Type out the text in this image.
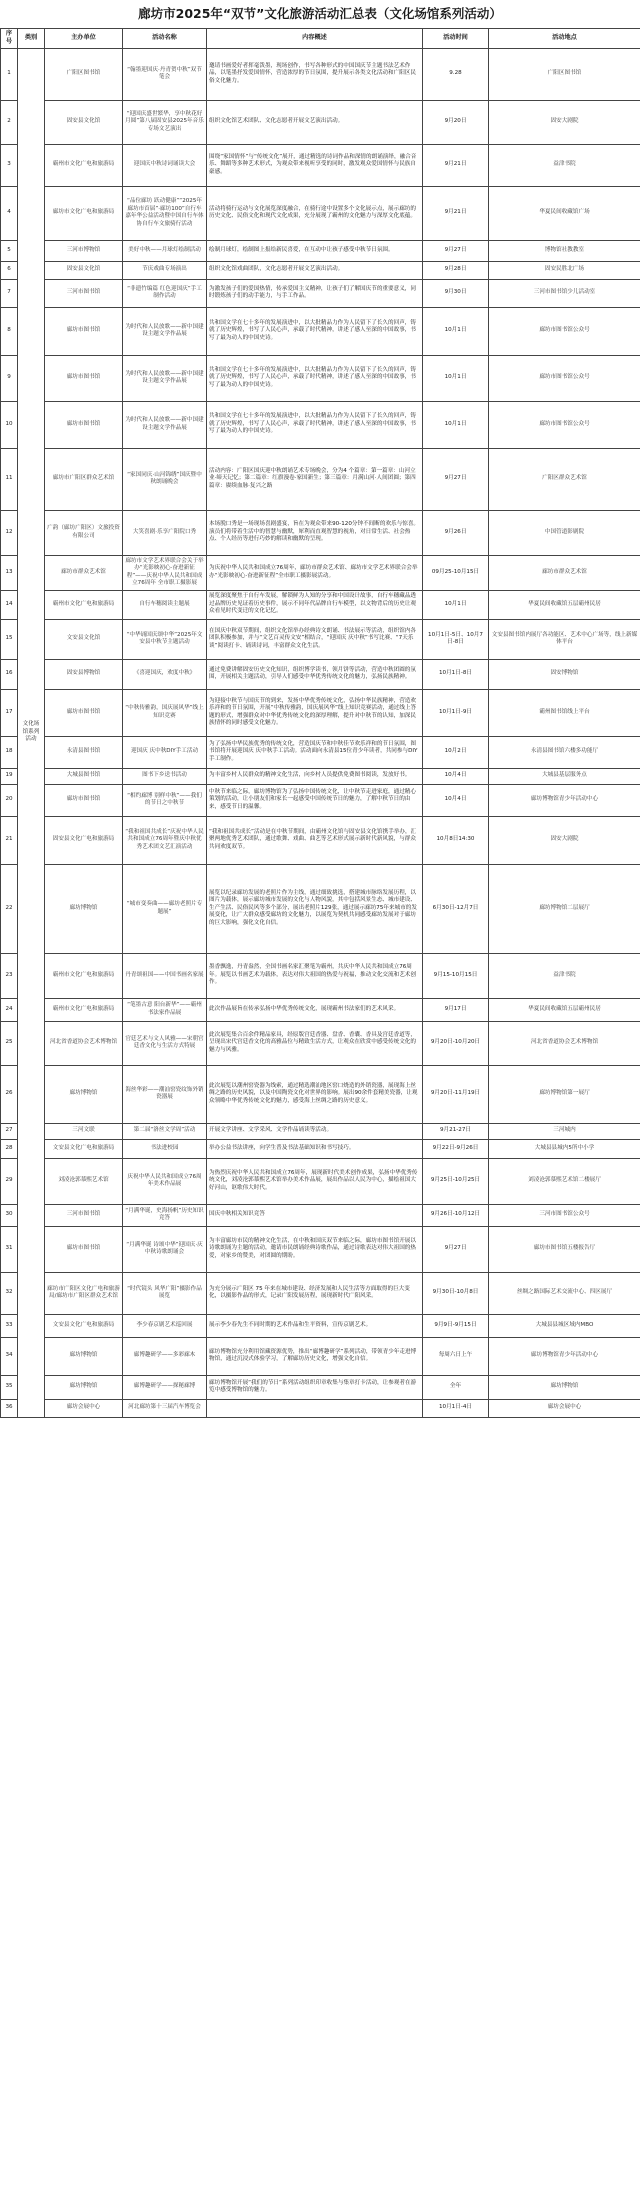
廊坊市2025年“双节”文化旅游活动汇总表（文化场馆系列活动）
序号	类别	主办单位	活动名称	内容概述	活动时间	活动地点
1	文化场馆系列活动	广阳区图书馆	“翰墨迎国庆·丹青贺中秋”双节笔会	邀请书画爱好者挥毫泼墨，现场创作，书写各种形式的中国国庆节主题书法艺术作品，以笔墨抒发爱国情怀，营造浓厚的节日氛围，提升展示各类文化活动和广阳区民俗文化魅力。	9.28	广阳区图书馆
2		固安县文化馆	“迎国庆盛世繁华，享中秋花好月圆”第八届固安县2025年音乐专场文艺演出	组织文化馆艺术团队、文化志愿者开展文艺演出活动。	9月20日	固安大剧院
3		霸州市文化广电和旅游局	迎国庆中秋诗词诵读大会	围绕“家国情怀”与“传统文化”展开，通过精选的诗词作品和深情的朗诵演绎，融合音乐、舞蹈等多种艺术形式，为观众带来视听享受的同时，激发观众爱国情怀与民族自豪感。	9月21日	益津书院
4		廊坊市文化广电和旅游局	“品位廊坊 跃动健康”“2025年廊坊市首届”·廊坊100”自行车嘉年华公益活动暨中国自行车体协自行车文旅骑行活动	活动将骑行运动与文化展览深度融合，在骑行途中设置多个文化展示点，展示廊坊的历史文化、民俗文化和现代文化成果，充分展现了霸州的文化魅力与深厚文化底蕴。	9月21日	华夏民间收藏馆广场
5		三河市博物馆	美好中秋——月球灯绘制活动	绘制月球灯，绘制图上报给新民喜爱，在互动中让孩子感受中秋节日氛围。	9月27日	博物馆社教教室
6		固安县文化馆	节庆戏曲专场演出	组织文化馆戏曲团队，文化志愿者开展文艺演出活动。	9月28日	固安民胜北广场
7		三河市图书馆	“非遗竹编篇 红色迎国庆”手工制作活动	为激发孩子们的爱国热情，传承爱国主义精神，让孩子们了解国庆节的重要意义，同时锻炼孩子们的动手能力，与手工作品。	9月30日	三河市图书馆少儿活动室
8		廊坊市图书馆	为时代和人民放歌——新中国建设主题文学作品展	共和国文学在七十多年的发展演进中，以大批精品力作为人民留下了长久的回声，铸就了历史辉煌，书写了人民心声，承载了时代精神，讲述了感人至深的中国故事，书写了最为动人的中国史诗。	10月1日	廊坊市图书馆公众号
9		廊坊市图书馆	为时代和人民放歌——新中国建设主题文学作品展	共和国文学在七十多年的发展演进中，以大批精品力作为人民留下了长久的回声，铸就了历史辉煌，书写了人民心声，承载了时代精神，讲述了感人至深的中国故事，书写了最为动人的中国史诗。	10月1日	廊坊市图书馆公众号
10		廊坊市图书馆	为时代和人民放歌——新中国建设主题文学作品展	共和国文学在七十多年的发展演进中，以大批精品力作为人民留下了长久的回声，铸就了历史辉煌，书写了人民心声，承载了时代精神，讲述了感人至深的中国故事，书写了最为动人的中国史诗。	10月1日	廊坊市图书馆公众号
11		廊坊市广阳区群众艺术馆	“家国同庆·山河锦绣”国庆暨中秋朗诵晚会	活动内容：广阳区国庆迎中秋朗诵艺术专场晚会，分为4 个篇章：第一篇章：山河立业·缔天记忆；第二篇章：红旗漫卷·家国新生；第三篇章：月满山河·人间团圆；第四篇章：赓续血脉·复兴之路	9月27日	广阳区群众艺术馆
12		广韵（廊坊广阳区）文旅投资有限公司	大笑喜剧·乐享广阳院口秀	本场脱口秀是一场现场喜剧盛宴，旨在为观众带来90-120分钟不间断的欢乐与惊喜。演员们将带着生活中的智慧与幽默，犀利而直观智慧的视角，对日常生活、社会热点、个人经历等进行巧妙的解读和幽默的呈现。	9月26日	中国管道影剧院
13		廊坊市群众艺术馆	廊坊市文学艺术界联合会关于举办“光影映初心·奋进新征程”——庆祝中华人民共和国成立76周年 全市职工摄影展	为庆祝中华人民共和国成立76周年，廊坊市群众艺术馆、廊坊市文学艺术界联合会举办“光影映初心·奋进新征程”全市职工摄影展活动。	09月25-10月15日	廊坊市群众艺术馆
14		霸州市文化广电和旅游局	自行车穗阅读主题展	展览深度聚焦于自行车发展，解锁鲜为人知的分享和中国设计故事，自行车穗藏品透过品牌历史见证着历史事件，展示不同年代品牌自行车模型，以文物背后的历史让观众看见时代变迁的文化记忆。	10月1日	华夏民间收藏馆五层霸州民居
15		文安县文化馆	“中华诵国庆颂中华”2025年文安县中秋节主题活动	在国庆中秋双节期间，组织文化馆举办经典诗文朗诵、书法展示等活动，组织馆内各团队积极参加，并与“文艺百灵传文安”相结合，“迎国庆 庆中秋”书写比赛、“7天乐谈”阅读打卡、诵读诗词，丰富群众文化生活。	10月1日-5日、10月7日-8日	文安县图书馆内展厅各功能区、艺术中心广场等，线上新媒体平台
16		固安县博物馆	《喜迎国庆，欢度中秋》	通过免费讲解固安历史文化知识，组织博学读书，领月饼等活动，营造中秋团圆的氛围，开展相关主题活动，引导人们感受中华优秀传统文化的魅力，弘扬民族精神。	10月1日-8日	固安博物馆
17		廊坊市图书馆	“中秋传雅韵，国庆展风华”线上知识竞赛	为迎接中秋节与国庆节的到来，发扬中华优秀传统文化，弘扬中华民族精神，营造欢乐祥和的节日氛围，开展“中秋传雅韵，国庆展风华”线上知识竞赛活动，通过线上答题的形式，增强群众对中华优秀传统文化的深厚理解，提升对中秋节的认知，加深民族情怀的同时感受文化魅力。	10月1日-9日	霸州图书馆线上平台
18		永清县图书馆	迎国庆 庆中秋DIY手工活动	为了弘扬中华民族优秀的传统文化，营造国庆节和中秋佳节欢乐祥和的节日氛围，图书馆将开展迎国庆 庆中秋手工活动。活动面向永清县15位青少年读者，共同参与DIY手工制作。	10月2日	永清县图书馆六楼多功能厅
19		大城县图书馆	图书下乡送书活动	为丰富乡村人民群众的精神文化生活，向乡村人员提供免费图书阅读，发放好书。	10月4日	大城县基层服务点
20		廊坊市图书馆	“相约廊博 别样中秋”——我们的节日之中秋节	中秋节来临之际，廊坊博物馆为了弘扬中国传统文化，让中秋节走进家庭，通过精心策划的活动，让小朋友们和家长一起感受中国传统节日的魅力，了解中秋节日的由来，感受节日的温馨。	10月4日	廊坊博物馆青少年活动中心
21		固安县文化广电和旅游局	“我和祖国共成长”庆祝中华人民共和国成立76周年暨庆中秋优秀艺术团文艺汇演活动	“我和祖国共成长”活动是在中秋节期间，由霸州文化馆与固安县文化馆携手举办，汇聚两地优秀艺术团队，通过歌舞、戏曲、曲艺等艺术形式展示新时代新风貌，与群众共同欢度双节。	10月8日14:30	固安大剧院
22		廊坊博物馆	“城市变奏曲——廊坊老照片专题展”	展览以纪录廊坊发展的老照片作为主线，通过细致挑选，搭建城市脉络发展历程，以图片为载体，展示廊坊城市发展的文化与人物风貌，其中包括风景生态、城市建设、生产生活、民俗民风等多个部分，展出老照片129张，通过展示廊坊75年来城市的发展变化，让广大群众感受廊坊的文化魅力，以展览为契机共同感受廊坊发展对于廊坊的巨大影响，强化文化自信。	6月30日-12月7日	廊坊博物馆二层展厅
23		霸州市文化广电和旅游局	丹青颂祖国——中国书画名家展	墨香飘逸，丹青盎然，全国书画名家汇聚笔为霸州，共庆中华人民共和国成立76周年。展览以书画艺术为载体，表达对伟大祖国的热爱与祝福，推动文化交流和艺术创作。	9月15-10月15日	益津书院
24		霸州市文化广电和旅游局	“笔墨古意 阳台新华”——霸州书法家作品展	此次作品展旨在传承弘扬中华优秀传统文化，展现霸州书法家们的艺术风采。	9月17日	华夏民间收藏馆五层霸州民居
25		河北省香道协会艺术博物馆	官廷艺术与文人风雅——宋朝官廷香文化与生活方式特展	此次展览集合百余件精品家具，经原版宫廷香器、盘香、香囊、香具及宫廷香道等，呈现出宋代宫廷香文化的高雅品位与精致生活方式，让观众在欣赏中感受传统文化的魅力与风雅。	9月20日-10月20日	河北省香道协会艺术博物馆
26		廊坊博物馆	海丝华彩——潮汕窑瓷纹饰外销瓷器展	此次展览以潮州窑瓷器为线索，通过精选潮汕地区窑口烧造的外销瓷器，展现海上丝绸之路的历史风貌，以及中国陶瓷文化对世界的影响。展出90余件套精美瓷器，让观众领略中华优秀传统文化的魅力，感受海上丝绸之路的历史意义。	9月20日-11月19日	廊坊博物馆第一展厅
27		三河文联	第二届“洛丝文学周”活动	开展文学讲座、文学采风、文学作品诵读等活动。	9月21-27日	三河城内
28		文安县文化广电和旅游局	书法进校园	举办公益书法讲座，向学生普及书法基础知识和书写技巧。	9月22日-9月26日	大城县县城内5所中小学
29		刘凌沧郭慕熙艺术馆	庆祝中华人民共和国成立76周年美术作品展	为热烈庆祝中华人民共和国成立76周年，展现新时代美术创作成果，弘扬中华优秀传统文化，刘凌沧郭慕熙艺术馆举办美术作品展，展出作品以人民为中心，描绘祖国大好河山，讴歌伟大时代。	9月25日-10月25日	刘凌沧郭慕熙艺术馆二楼展厅
30		三河市图书馆	“月满华诞，史海扬帆”历史知识竞答	国庆中秋相关知识竞答	9月26日-10月12日	三河市图书馆公众号
31		廊坊市图书馆	“月满华诞 诗颂中华”迎国庆·庆中秋诗歌朗诵会	为丰富廊坊市民的精神文化生活，在中秋和国庆双节来临之际，廊坊市图书馆开展以诗歌朗诵为主题的活动，邀请市民朗诵经典诗歌作品，通过诗歌表达对伟大祖国的热爱，对家乡的赞美，对团圆的期盼。	9月27日	廊坊市图书馆五楼报告厅
32		廊坊市广阳区文化广电和旅游局/廊坊市广阳区群众艺术馆	“时代镜头 风华广阳”摄影作品展览	为充分展示广阳区 75 年来在城市建设、经济发展和人民生活等方面取得的巨大变化，以摄影作品的形式，记录广阳发展历程，展现新时代广阳风采。	9月30日-10月8日	丝绸之路国际艺术交流中心、四区展厅
33		文安县文化广电和旅游局	李少春京剧艺术巡回展	展示李少春先生不同时期的艺术作品和生平资料，宣传京剧艺术。	9月9日-9月15日	大城县县城区域内MBO
34		廊坊博物馆	廊博趣研学——多彩廊木	廊坊博物馆充分利用馆藏资源优势，推出“廊博趣研学”系列活动，带领青少年走进博物馆，通过沉浸式体验学习，了解廊坊历史文化，增强文化自信。	每周六日上午	廊坊博物馆青少年活动中心
35		廊坊博物馆	廊博趣研学——探秘廊博	廊坊博物馆开展“我们的节日”系列活动组织印章收集与集章打卡活动，让参观者在游览中感受博物馆的魅力。	全年	廊坊博物馆
36		廊坊会展中心	河北廊坊第十三届汽车博览会		10月1日-4日	廊坊会展中心
